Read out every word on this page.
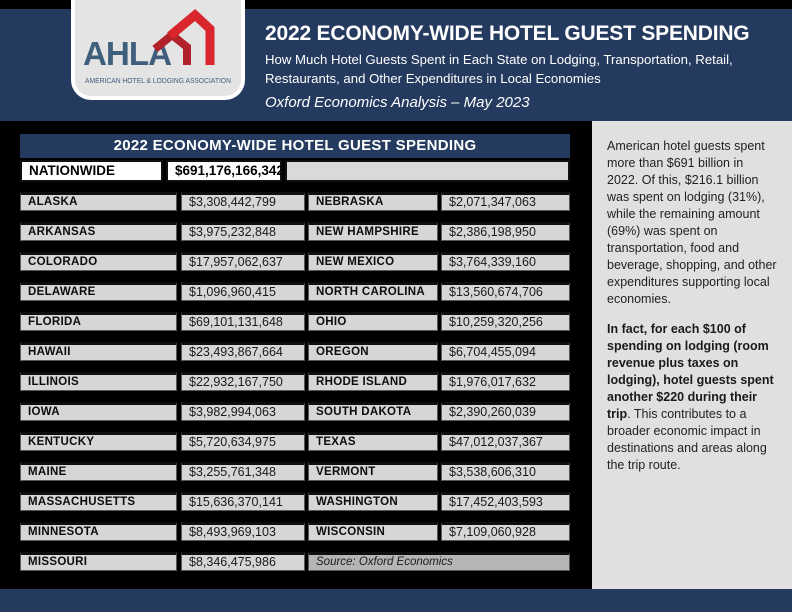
AHLA
AMERICAN HOTEL & LODGING ASSOCIATION
2022 ECONOMY-WIDE HOTEL GUEST SPENDING
How Much Hotel Guests Spent in Each State on Lodging, Transportation, Retail, Restaurants, and Other Expenditures in Local Economies
Oxford Economics Analysis – May 2023
2022 ECONOMY-WIDE HOTEL GUEST SPENDING
NATIONWIDE	$691,176,166,342
ALASKA	$3,308,442,799
ARKANSAS	$3,975,232,848
COLORADO	$17,957,062,637
DELAWARE	$1,096,960,415
FLORIDA	$69,101,131,648
HAWAII	$23,493,867,664
ILLINOIS	$22,932,167,750
IOWA	$3,982,994,063
KENTUCKY	$5,720,634,975
MAINE	$3,255,761,348
MASSACHUSETTS	$15,636,370,141
MINNESOTA	$8,493,969,103
MISSOURI	$8,346,475,986
NEBRASKA	$2,071,347,063
NEW HAMPSHIRE	$2,386,198,950
NEW MEXICO	$3,764,339,160
NORTH CAROLINA	$13,560,674,706
OHIO	$10,259,320,256
OREGON	$6,704,455,094
RHODE ISLAND	$1,976,017,632
SOUTH DAKOTA	$2,390,260,039
TEXAS	$47,012,037,367
VERMONT	$3,538,606,310
WASHINGTON	$17,452,403,593
WISCONSIN	$7,109,060,928
Source: Oxford Economics

American hotel guests spent more than $691 billion in 2022. Of this, $216.1 billion was spent on lodging (31%), while the remaining amount (69%) was spent on transportation, food and beverage, shopping, and other expenditures supporting local economies.

In fact, for each $100 of spending on lodging (room revenue plus taxes on lodging), hotel guests spent another $220 during their trip. This contributes to a broader economic impact in destinations and areas along the trip route.
